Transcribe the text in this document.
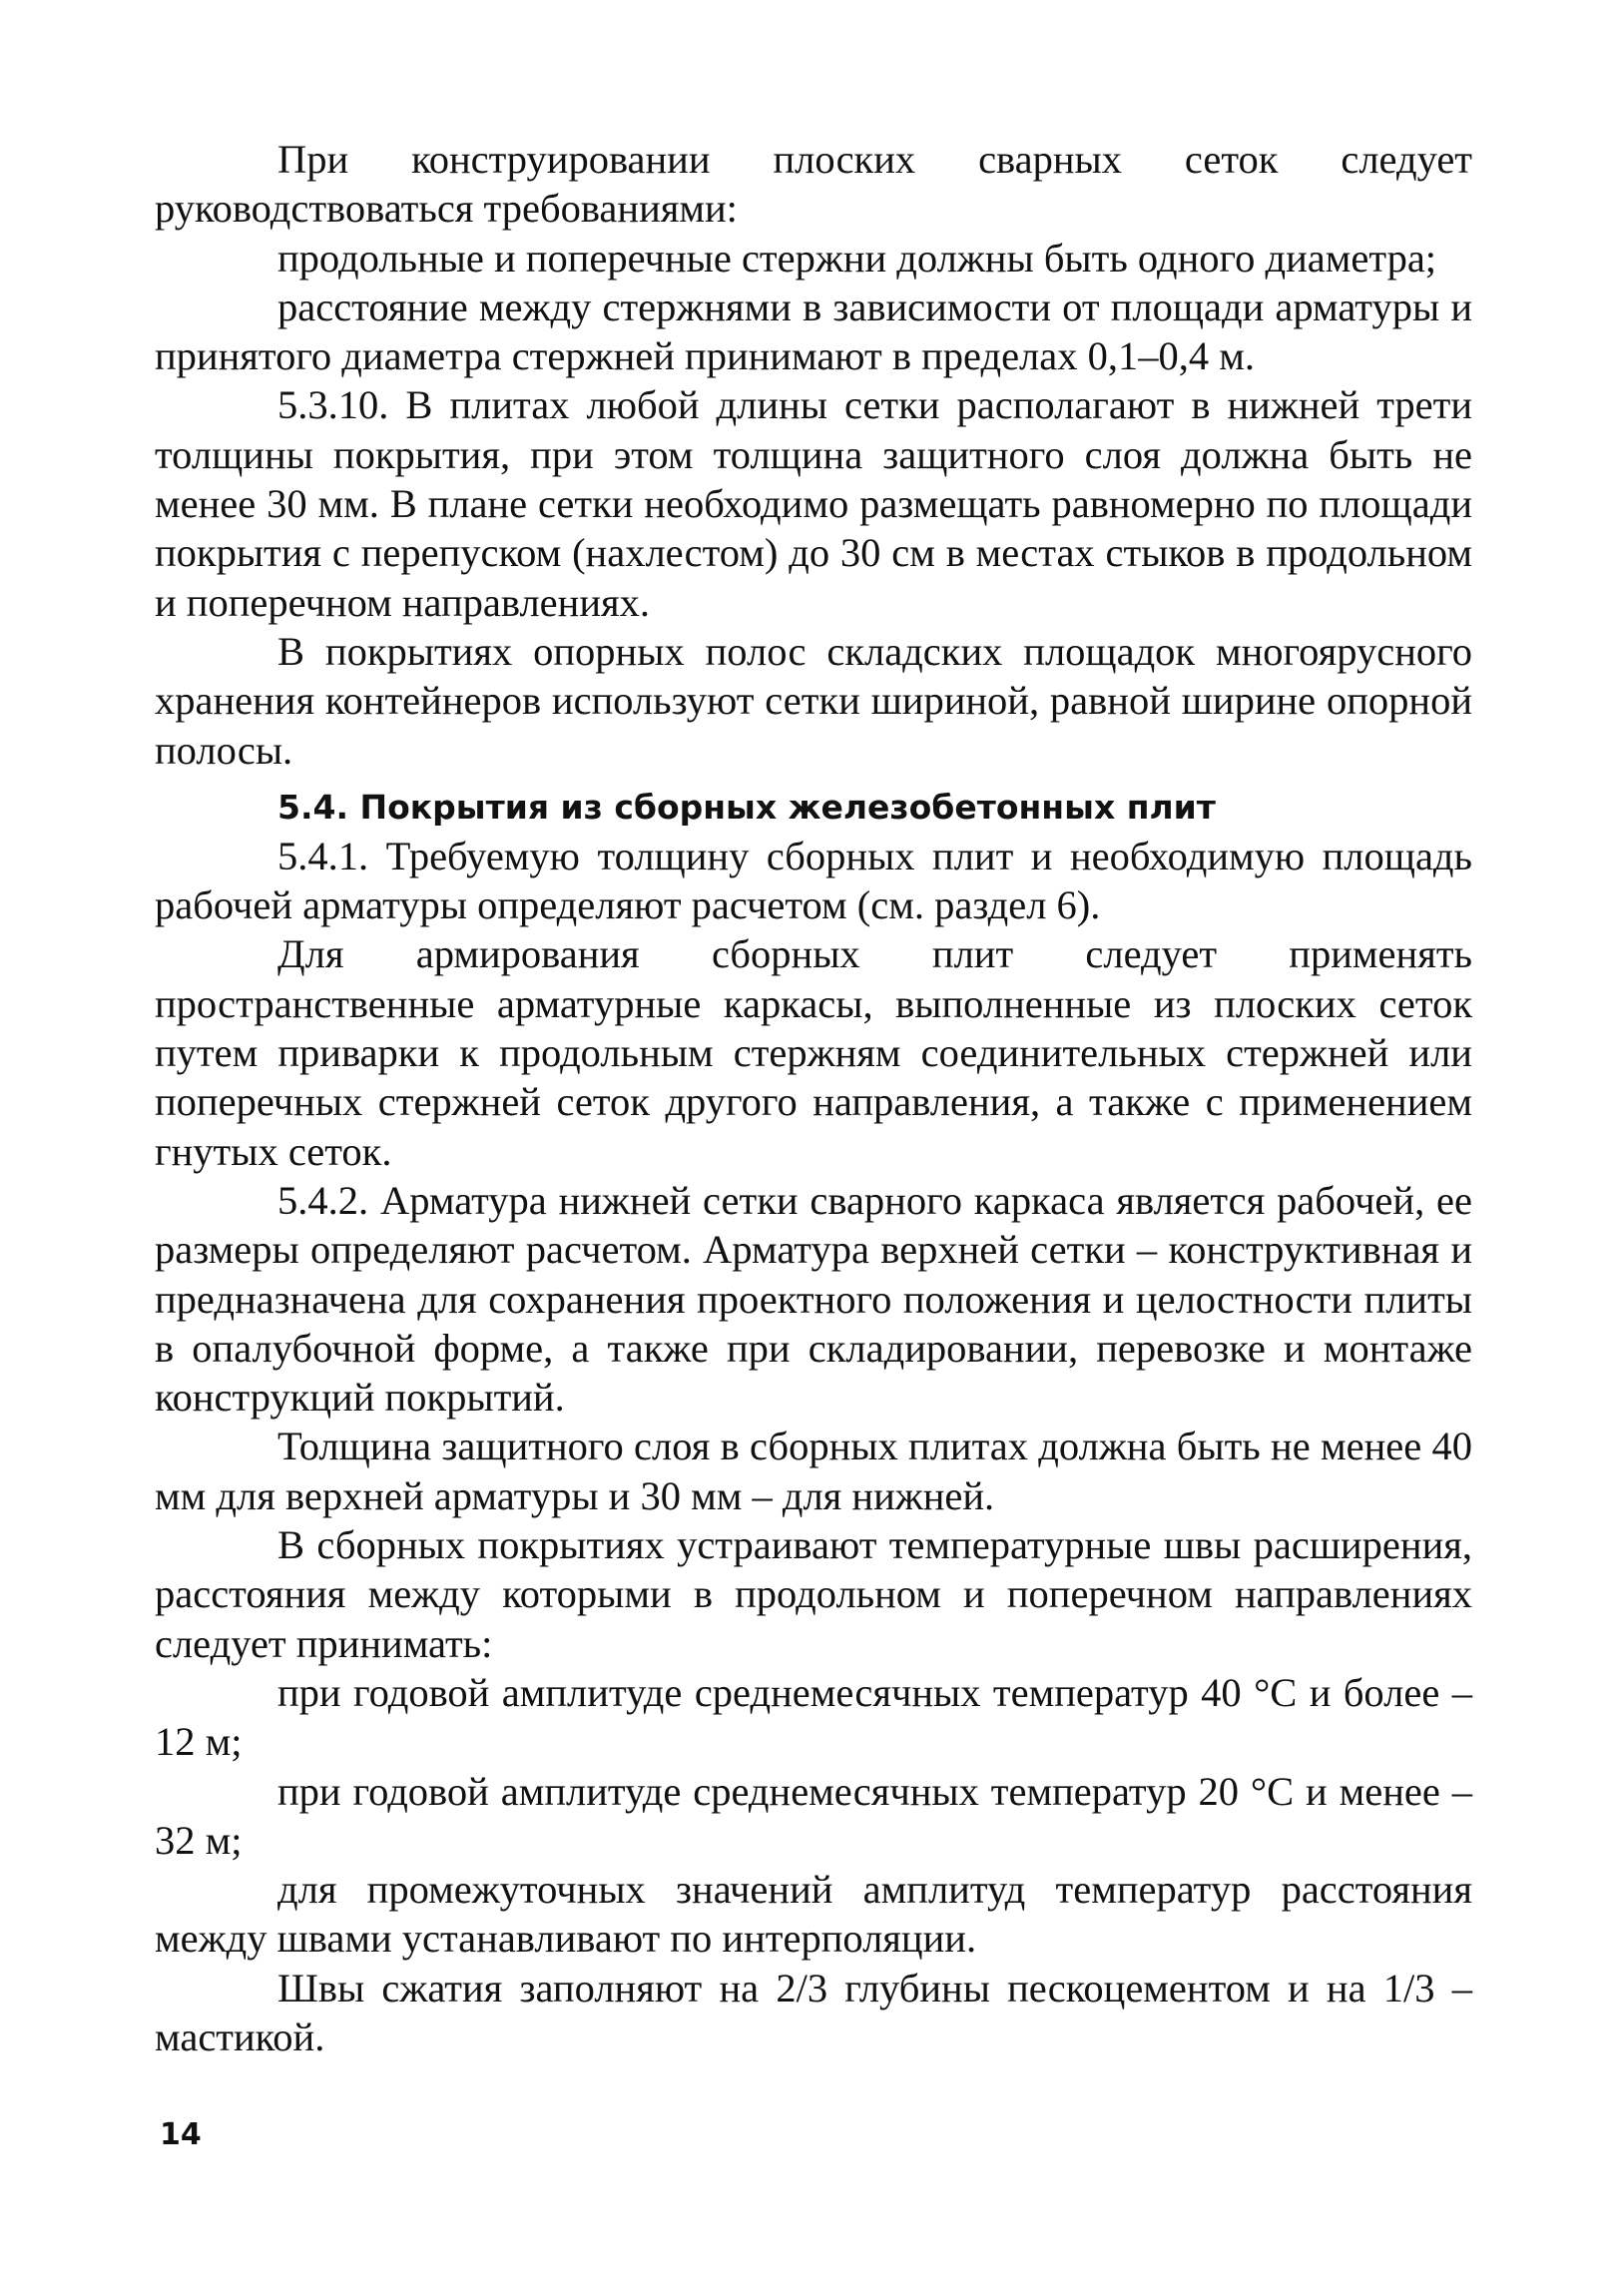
При конструировании плоских сварных сеток следует руководствоваться требованиями:

продольные и поперечные стержни должны быть одного диаметра;

расстояние между стержнями в зависимости от площади арматуры и принятого диаметра стержней принимают в пределах 0,1–0,4 м.

5.3.10. В плитах любой длины сетки располагают в нижней трети толщины покрытия, при этом толщина защитного слоя должна быть не менее 30 мм. В плане сетки необходимо размещать равномерно по площади покрытия с перепуском (нахлестом) до 30 см в местах стыков в продольном и поперечном направлениях.

В покрытиях опорных полос складских площадок многоярусного хранения контейнеров используют сетки шириной, равной ширине опорной полосы.

5.4. Покрытия из сборных железобетонных плит

5.4.1. Требуемую толщину сборных плит и необходимую площадь рабочей арматуры определяют расчетом (см. раздел 6).

Для армирования сборных плит следует применять пространственные арматурные каркасы, выполненные из плоских сеток путем приварки к продольным стержням соединительных стержней или поперечных стержней сеток другого направления, а также с применением гнутых сеток.

5.4.2. Арматура нижней сетки сварного каркаса является рабочей, ее размеры определяют расчетом. Арматура верхней сетки – конструктивная и предназначена для сохранения проектного положения и целостности плиты в опалубочной форме, а также при складировании, перевозке и монтаже конструкций покрытий.

Толщина защитного слоя в сборных плитах должна быть не менее 40 мм для верхней арматуры и 30 мм – для нижней.

В сборных покрытиях устраивают температурные швы расширения, расстояния между которыми в продольном и поперечном направлениях следует принимать:

при годовой амплитуде среднемесячных температур 40 °С и более – 12 м;

при годовой амплитуде среднемесячных температур 20 °С и менее – 32 м;

для промежуточных значений амплитуд температур расстояния между швами устанавливают по интерполяции.

Швы сжатия заполняют на 2/3 глубины пескоцементом и на 1/3 – мастикой.

14
